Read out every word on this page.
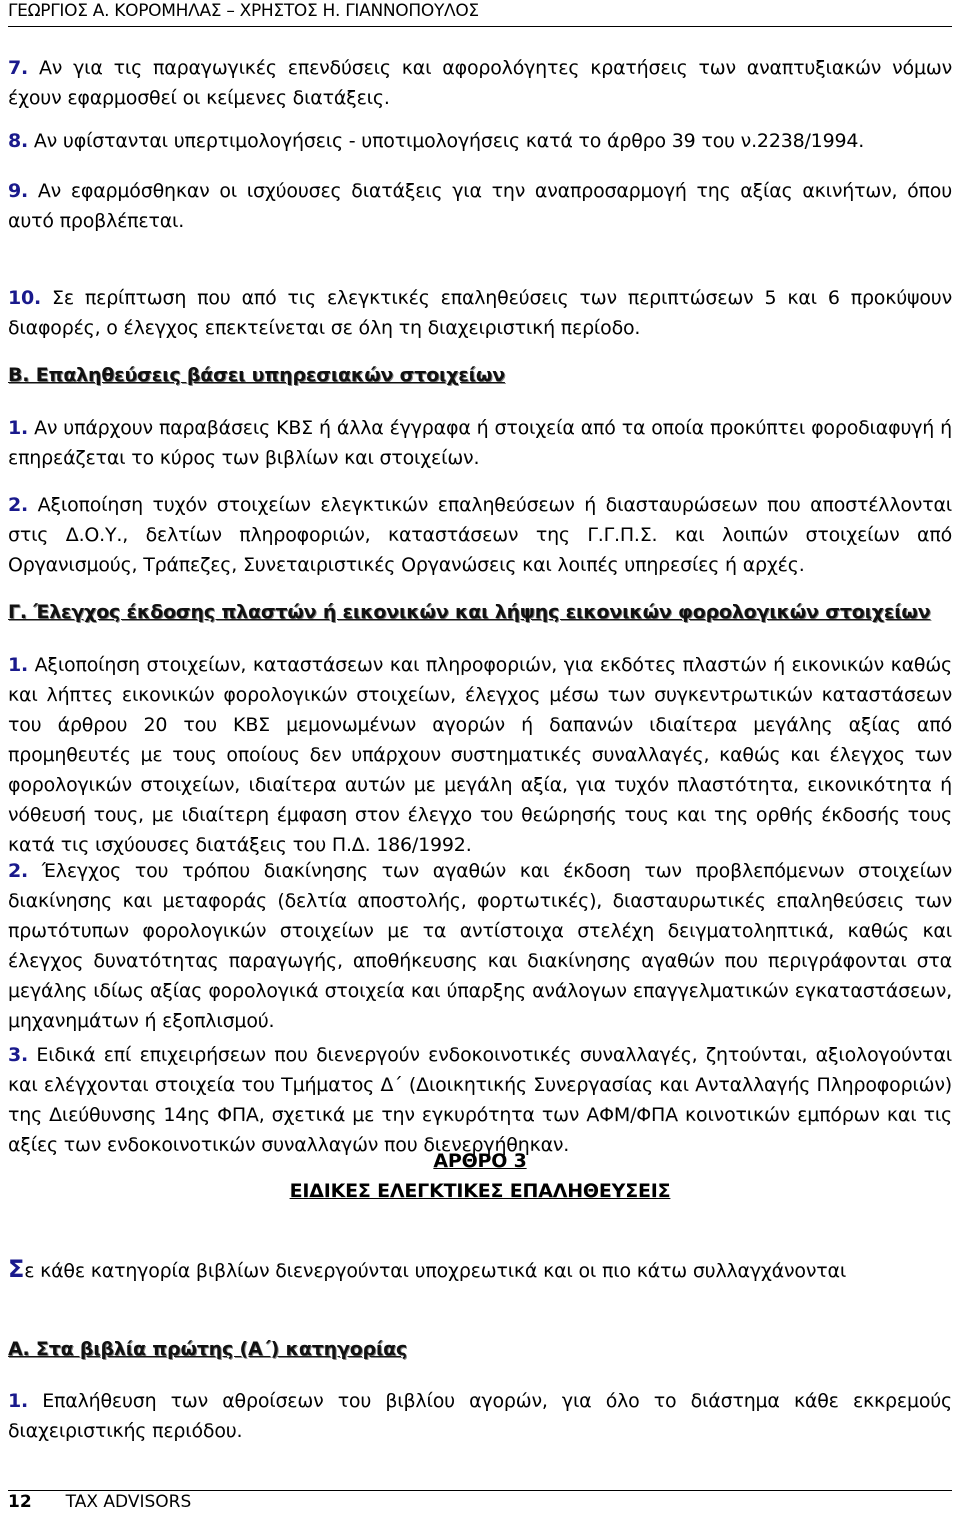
ΓΕΩΡΓΙΟΣ Α. ΚΟΡΟΜΗΛΑΣ – ΧΡΗΣΤΟΣ Η. ΓΙΑΝΝΟΠΟΥΛΟΣ

7. Αν για τις παραγωγικές επενδύσεις και αφορολόγητες κρατήσεις των αναπτυξιακών νόμων έχουν εφαρμοσθεί οι κείμενες διατάξεις.

8. Αν υφίστανται υπερτιμολογήσεις - υποτιμολογήσεις κατά το άρθρο 39 του ν.2238/1994.

9. Αν εφαρμόσθηκαν οι ισχύουσες διατάξεις για την αναπροσαρμογή της αξίας ακινήτων, όπου αυτό προβλέπεται.

10. Σε περίπτωση που από τις ελεγκτικές επαληθεύσεις των περιπτώσεων 5 και 6 προκύψουν διαφορές, ο έλεγχος επεκτείνεται σε όλη τη διαχειριστική περίοδο.

Β. Επαληθεύσεις βάσει υπηρεσιακών στοιχείων

1. Αν υπάρχουν παραβάσεις ΚΒΣ ή άλλα έγγραφα ή στοιχεία από τα οποία προκύπτει φοροδιαφυγή ή επηρεάζεται το κύρος των βιβλίων και στοιχείων.

2. Αξιοποίηση τυχόν στοιχείων ελεγκτικών επαληθεύσεων ή διασταυρώσεων που αποστέλλονται στις Δ.Ο.Υ., δελτίων πληροφοριών, καταστάσεων της Γ.Γ.Π.Σ. και λοιπών στοιχείων από Οργανισμούς, Τράπεζες, Συνεταιριστικές Οργανώσεις και λοιπές υπηρεσίες ή αρχές.

Γ. Έλεγχος έκδοσης πλαστών ή εικονικών και λήψης εικονικών φορολογικών στοιχείων

1. Αξιοποίηση στοιχείων, καταστάσεων και πληροφοριών, για εκδότες πλαστών ή εικονικών καθώς και λήπτες εικονικών φορολογικών στοιχείων, έλεγχος μέσω των συγκεντρωτικών καταστάσεων του άρθρου 20 του ΚΒΣ μεμονωμένων αγορών ή δαπανών ιδιαίτερα μεγάλης αξίας από προμηθευτές με τους οποίους δεν υπάρχουν συστηματικές συναλλαγές, καθώς και έλεγχος των φορολογικών στοιχείων, ιδιαίτερα αυτών με μεγάλη αξία, για τυχόν πλαστότητα, εικονικότητα ή νόθευσή τους, με ιδιαίτερη έμφαση στον έλεγχο του θεώρησής τους και της ορθής έκδοσής τους κατά τις ισχύουσες διατάξεις του Π.Δ. 186/1992.

2. Έλεγχος του τρόπου διακίνησης των αγαθών και έκδοση των προβλεπόμενων στοιχείων διακίνησης και μεταφοράς (δελτία αποστολής, φορτωτικές), διασταυρωτικές επαληθεύσεις των πρωτότυπων φορολογικών στοιχείων με τα αντίστοιχα στελέχη δειγματοληπτικά, καθώς και έλεγχος δυνατότητας παραγωγής, αποθήκευσης και διακίνησης αγαθών που περιγράφονται στα μεγάλης ιδίως αξίας φορολογικά στοιχεία και ύπαρξης ανάλογων επαγγελματικών εγκαταστάσεων, μηχανημάτων ή εξοπλισμού.

3. Ειδικά επί επιχειρήσεων που διενεργούν ενδοκοινοτικές συναλλαγές, ζητούνται, αξιολογούνται και ελέγχονται στοιχεία του Τμήματος Δ΄ (Διοικητικής Συνεργασίας και Ανταλλαγής Πληροφοριών) της Διεύθυνσης 14ης ΦΠΑ, σχετικά με την εγκυρότητα των ΑΦΜ/ΦΠΑ κοινοτικών εμπόρων και τις αξίες των ενδοκοινοτικών συναλλαγών που διενεργήθηκαν.

ΑΡΘΡΟ 3

ΕΙΔΙΚΕΣ ΕΛΕΓΚΤΙΚΕΣ ΕΠΑΛΗΘΕΥΣΕΙΣ

Σε κάθε κατηγορία βιβλίων διενεργούνται υποχρεωτικά και οι πιο κάτω συλλαγχάνονται

Α. Στα βιβλία πρώτης (Α΄) κατηγορίας

1. Επαλήθευση των αθροίσεων του βιβλίου αγορών, για όλο το διάστημα κάθε εκκρεμούς διαχειριστικής περιόδου.

12 TAX ADVISORS
